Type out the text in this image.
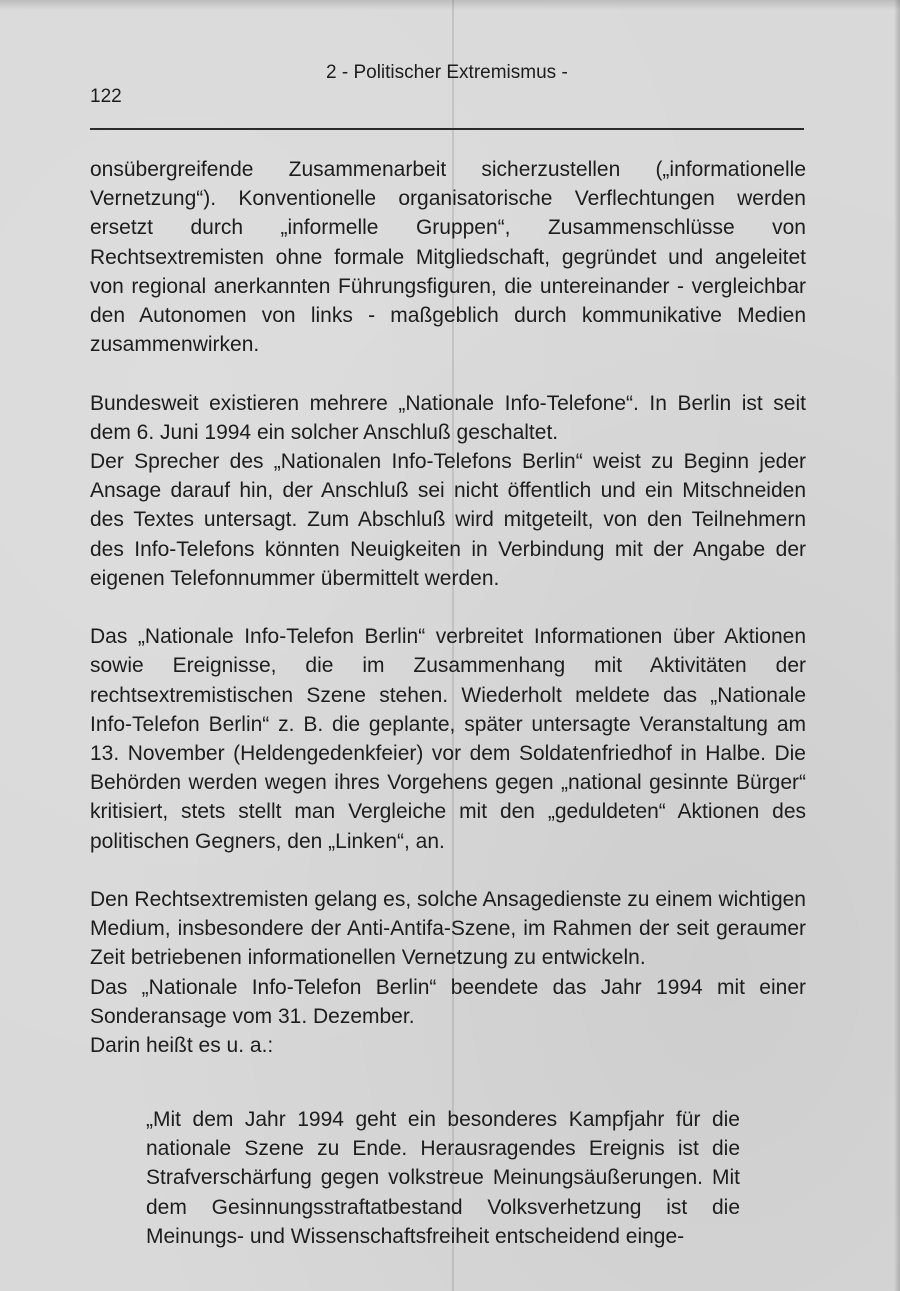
122
2 - Politischer Extremismus -

onsübergreifende Zusammenarbeit sicherzustellen („informationelle Vernetzung“). Konventionelle organisatorische Verflechtungen werden ersetzt durch „informelle Gruppen“, Zusammenschlüsse von Rechtsextremisten ohne formale Mitgliedschaft, gegründet und angeleitet von regional anerkannten Führungsfiguren, die untereinander - vergleichbar den Autonomen von links - maßgeblich durch kommunikative Medien zusammenwirken.

Bundesweit existieren mehrere „Nationale Info-Telefone“. In Berlin ist seit dem 6. Juni 1994 ein solcher Anschluß geschaltet.

Der Sprecher des „Nationalen Info-Telefons Berlin“ weist zu Beginn jeder Ansage darauf hin, der Anschluß sei nicht öffentlich und ein Mitschneiden des Textes untersagt. Zum Abschluß wird mitgeteilt, von den Teilnehmern des Info-Telefons könnten Neuigkeiten in Verbindung mit der Angabe der eigenen Telefonnummer übermittelt werden.

Das „Nationale Info-Telefon Berlin“ verbreitet Informationen über Aktionen sowie Ereignisse, die im Zusammenhang mit Aktivitäten der rechtsextremistischen Szene stehen. Wiederholt meldete das „Nationale Info-Telefon Berlin“ z. B. die geplante, später untersagte Veranstaltung am 13. November (Heldengedenkfeier) vor dem Soldatenfriedhof in Halbe. Die Behörden werden wegen ihres Vorgehens gegen „national gesinnte Bürger“ kritisiert, stets stellt man Vergleiche mit den „geduldeten“ Aktionen des politischen Gegners, den „Linken“, an.

Den Rechtsextremisten gelang es, solche Ansagedienste zu einem wichtigen Medium, insbesondere der Anti-Antifa-Szene, im Rahmen der seit geraumer Zeit betriebenen informationellen Vernetzung zu entwickeln.

Das „Nationale Info-Telefon Berlin“ beendete das Jahr 1994 mit einer Sonderansage vom 31. Dezember.

Darin heißt es u. a.:

„Mit dem Jahr 1994 geht ein besonderes Kampfjahr für die nationale Szene zu Ende. Herausragendes Ereignis ist die Strafverschärfung gegen volkstreue Meinungsäußerungen. Mit dem Gesinnungsstraftatbestand Volksverhetzung ist die Meinungs- und Wissenschaftsfreiheit entscheidend einge-
